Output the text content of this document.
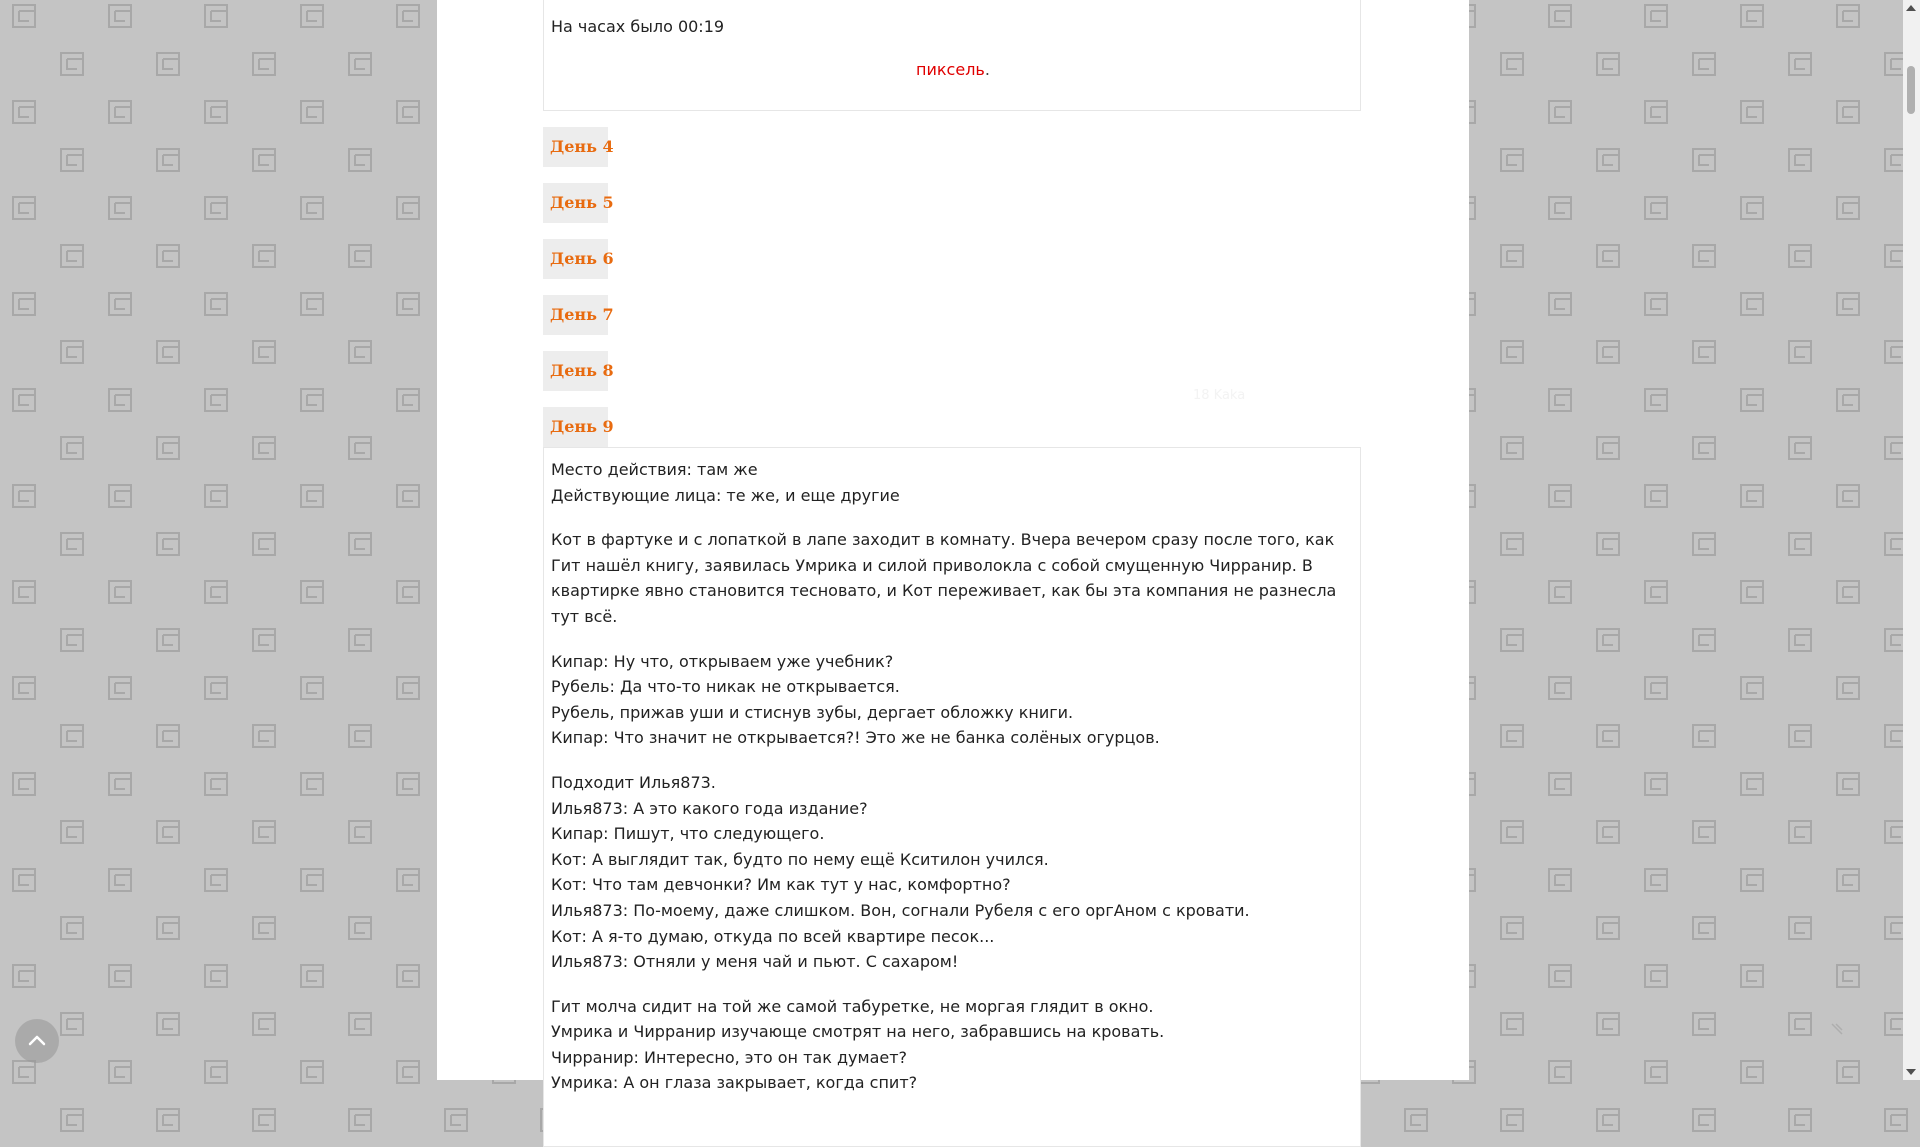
18 Kaka
На часах было 00:19
пиксель.
День 4
День 5
День 6
День 7
День 8
День 9

Место действия: там же

Действующие лица: те же, и еще другие

Кот в фартуке и с лопаткой в лапе заходит в комнату. Вчера вечером сразу после того, как Гит нашёл книгу, заявилась Умрика и силой приволокла с собой смущенную Чирранир. В квартирке явно становится тесновато, и Кот переживает, как бы эта компания не разнесла тут всё.

Кипар: Ну что, открываем уже учебник?

Рубель: Да что-то никак не открывается.

Рубель, прижав уши и стиснув зубы, дергает обложку книги.

Кипар: Что значит не открывается?! Это же не банка солёных огурцов.

Подходит Илья873.

Илья873: А это какого года издание?

Кипар: Пишут, что следующего.

Кот: А выглядит так, будто по нему ещё Кситилон учился.

Кот: Что там девчонки? Им как тут у нас, комфортно?

Илья873: По-моему, даже слишком. Вон, согнали Рубеля с его оргАном с кровати.

Кот: А я-то думаю, откуда по всей квартире песок...

Илья873: Отняли у меня чай и пьют. С сахаром!

Гит молча сидит на той же самой табуретке, не моргая глядит в окно.

Умрика и Чирранир изучающе смотрят на него, забравшись на кровать.

Чирранир: Интересно, это он так думает?

Умрика: А он глаза закрывает, когда спит?
